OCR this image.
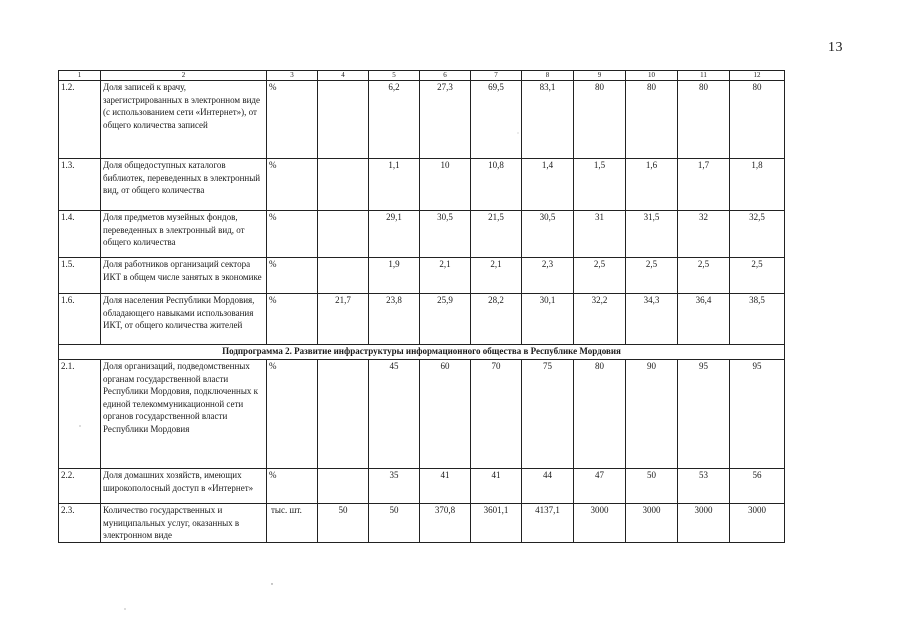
13
1	2	3	4	5	6	7	8	9	10	11	12
1.2.	Доля записей к врачу, зарегистрированных в электронном виде (с использованием сети «Интернет»), от общего количества записей	%		6,2	27,3	69,5	83,1	80	80	80	80
1.3.	Доля общедоступных каталогов библиотек, переведенных в электронный вид, от общего количества	%		1,1	10	10,8	1,4	1,5	1,6	1,7	1,8
1.4.	Доля предметов музейных фондов, переведенных в электронный вид, от общего количества	%		29,1	30,5	21,5	30,5	31	31,5	32	32,5
1.5.	Доля работников организаций сектора ИКТ в общем числе занятых в экономике	%		1,9	2,1	2,1	2,3	2,5	2,5	2,5	2,5
1.6.	Доля населения Республики Мордовия, обладающего навыками использования ИКТ, от общего количества жителей	%	21,7	23,8	25,9	28,2	30,1	32,2	34,3	36,4	38,5
Подпрограмма 2. Развитие инфраструктуры информационного общества в Республике Мордовия											
2.1.	Доля организаций, подведомственных органам государственной власти Республики Мордовия, подключенных к единой телекоммуникационной сети органов государственной власти Республики Мордовия	%		45	60	70	75	80	90	95	95
2.2.	Доля домашних хозяйств, имеющих широкополосный доступ в «Интернет»	%		35	41	41	44	47	50	53	56
2.3.	Количество государственных и муниципальных услуг, оказанных в электронном виде	тыс. шт.	50	50	370,8	3601,1	4137,1	3000	3000	3000	3000
